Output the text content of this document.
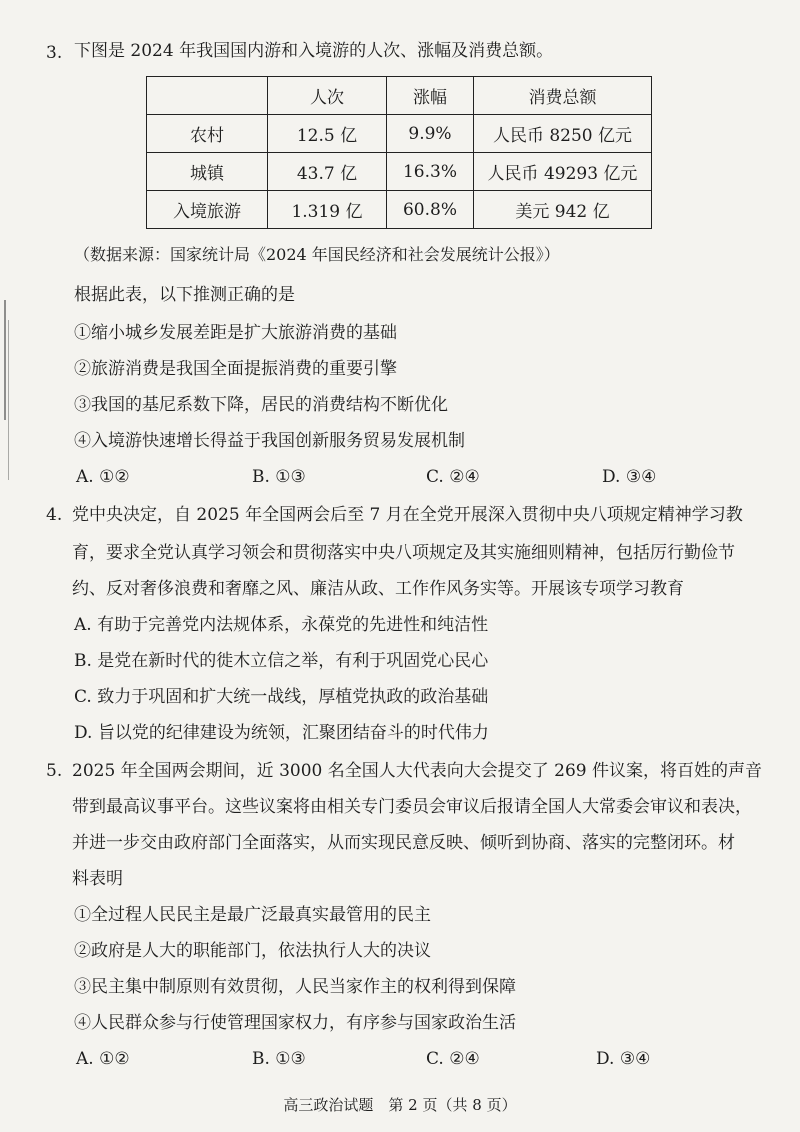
3. 下图是 2024 年我国国内游和入境游的人次、涨幅及消费总额。
	人次	涨幅	消费总额
农村	12.5 亿	9.9%	人民币 8250 亿元
城镇	43.7 亿	16.3%	人民币 49293 亿元
入境旅游	1.319 亿	60.8%	美元 942 亿
（数据来源：国家统计局《2024 年国民经济和社会发展统计公报》）
根据此表，以下推测正确的是
①缩小城乡发展差距是扩大旅游消费的基础
②旅游消费是我国全面提振消费的重要引擎
③我国的基尼系数下降，居民的消费结构不断优化
④入境游快速增长得益于我国创新服务贸易发展机制
A. ①②	B. ①③	C. ②④	D. ③④
4. 党中央决定，自 2025 年全国两会后至 7 月在全党开展深入贯彻中央八项规定精神学习教
育，要求全党认真学习领会和贯彻落实中央八项规定及其实施细则精神，包括厉行勤俭节
约、反对奢侈浪费和奢靡之风、廉洁从政、工作作风务实等。开展该专项学习教育
A. 有助于完善党内法规体系，永葆党的先进性和纯洁性
B. 是党在新时代的徙木立信之举，有利于巩固党心民心
C. 致力于巩固和扩大统一战线，厚植党执政的政治基础
D. 旨以党的纪律建设为统领，汇聚团结奋斗的时代伟力
5. 2025 年全国两会期间，近 3000 名全国人大代表向大会提交了 269 件议案，将百姓的声音
带到最高议事平台。这些议案将由相关专门委员会审议后报请全国人大常委会审议和表决，
并进一步交由政府部门全面落实，从而实现民意反映、倾听到协商、落实的完整闭环。材
料表明
①全过程人民民主是最广泛最真实最管用的民主
②政府是人大的职能部门，依法执行人大的决议
③民主集中制原则有效贯彻，人民当家作主的权利得到保障
④人民群众参与行使管理国家权力，有序参与国家政治生活
A. ①②	B. ①③	C. ②④	D. ③④
高三政治试题　第 2 页（共 8 页）
